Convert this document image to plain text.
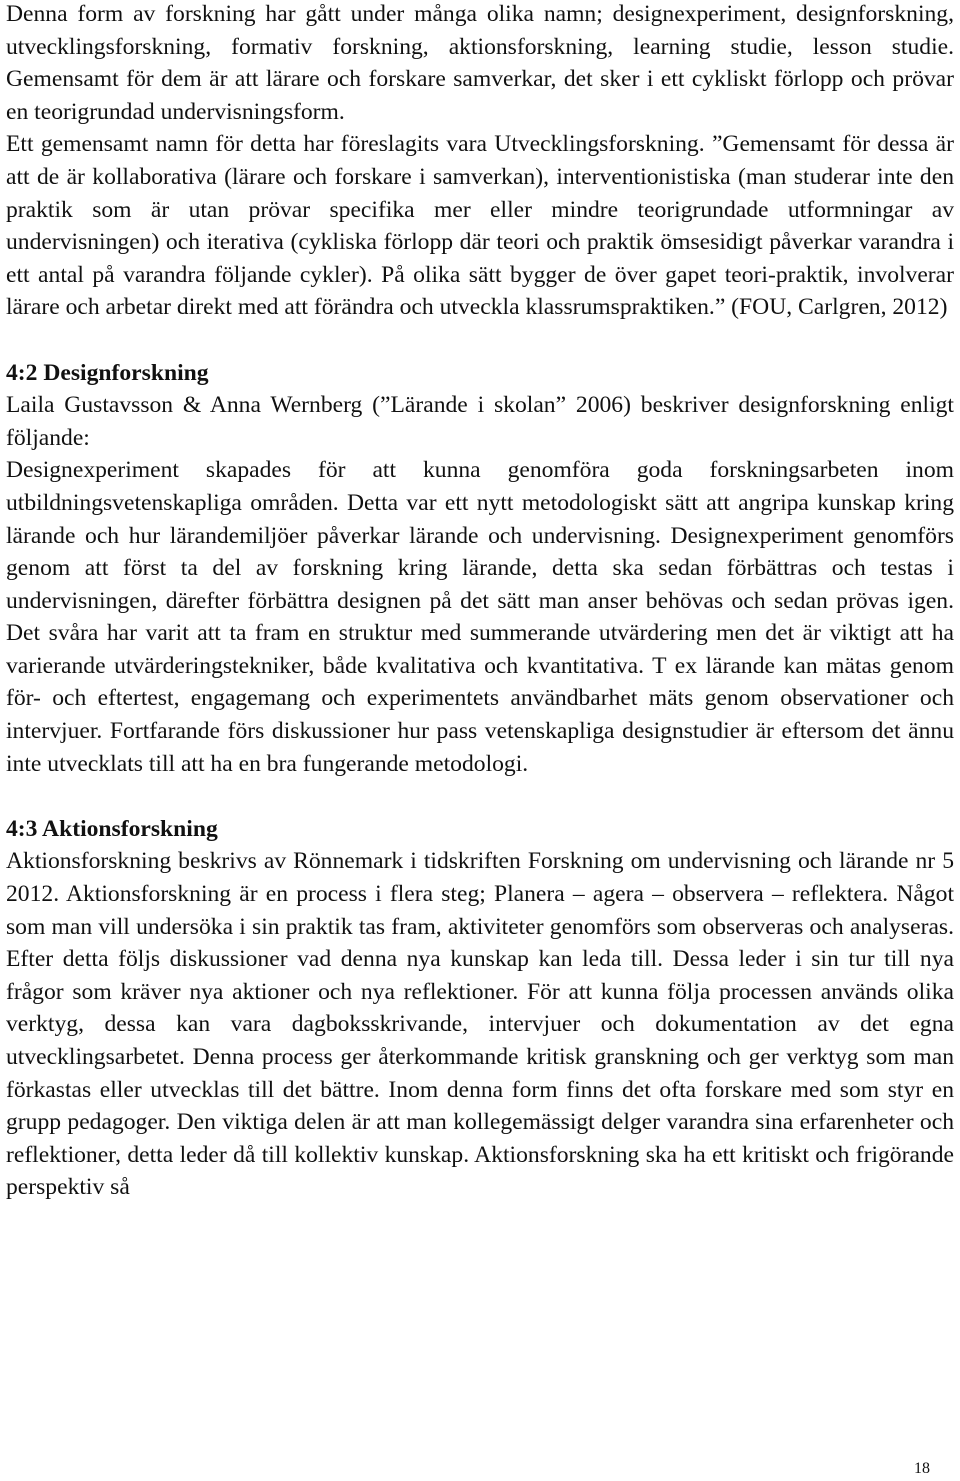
Denna form av forskning har gått under många olika namn; designexperiment, designforskning, utvecklingsforskning, formativ forskning, aktionsforskning, learning studie, lesson studie. Gemensamt för dem är att lärare och forskare samverkar, det sker i ett cykliskt förlopp och prövar en teorigrundad undervisningsform.

Ett gemensamt namn för detta har föreslagits vara Utvecklingsforskning. ”Gemensamt för dessa är att de är kollaborativa (lärare och forskare i samverkan), interventionistiska (man studerar inte den praktik som är utan prövar specifika mer eller mindre teorigrundade utformningar av undervisningen) och iterativa (cykliska förlopp där teori och praktik ömsesidigt påverkar varandra i ett antal på varandra följande cykler). På olika sätt bygger de över gapet teori-praktik, involverar lärare och arbetar direkt med att förändra och utveckla klassrumspraktiken.” (FOU, Carlgren, 2012)

4:2 Designforskning

Laila Gustavsson & Anna Wernberg (”Lärande i skolan” 2006) beskriver designforskning enligt följande:

Designexperiment skapades för att kunna genomföra goda forskningsarbeten inom utbildningsvetenskapliga områden. Detta var ett nytt metodologiskt sätt att angripa kunskap kring lärande och hur lärandemiljöer påverkar lärande och undervisning. Designexperiment genomförs genom att först ta del av forskning kring lärande, detta ska sedan förbättras och testas i undervisningen, därefter förbättra designen på det sätt man anser behövas och sedan prövas igen. Det svåra har varit att ta fram en struktur med summerande utvärdering men det är viktigt att ha varierande utvärderingstekniker, både kvalitativa och kvantitativa. T ex lärande kan mätas genom för- och eftertest, engagemang och experimentets användbarhet mäts genom observationer och intervjuer. Fortfarande förs diskussioner hur pass vetenskapliga designstudier är eftersom det ännu inte utvecklats till att ha en bra fungerande metodologi.

4:3 Aktionsforskning

Aktionsforskning beskrivs av Rönnemark i tidskriften Forskning om undervisning och lärande nr 5 2012. Aktionsforskning är en process i flera steg; Planera – agera – observera – reflektera. Något som man vill undersöka i sin praktik tas fram, aktiviteter genomförs som observeras och analyseras. Efter detta följs diskussioner vad denna nya kunskap kan leda till. Dessa leder i sin tur till nya frågor som kräver nya aktioner och nya reflektioner. För att kunna följa processen används olika verktyg, dessa kan vara dagboksskrivande, intervjuer och dokumentation av det egna utvecklingsarbetet. Denna process ger återkommande kritisk granskning och ger verktyg som man förkastas eller utvecklas till det bättre. Inom denna form finns det ofta forskare med som styr en grupp pedagoger. Den viktiga delen är att man kollegemässigt delger varandra sina erfarenheter och reflektioner, detta leder då till kollektiv kunskap. Aktionsforskning ska ha ett kritiskt och frigörande perspektiv så

18
